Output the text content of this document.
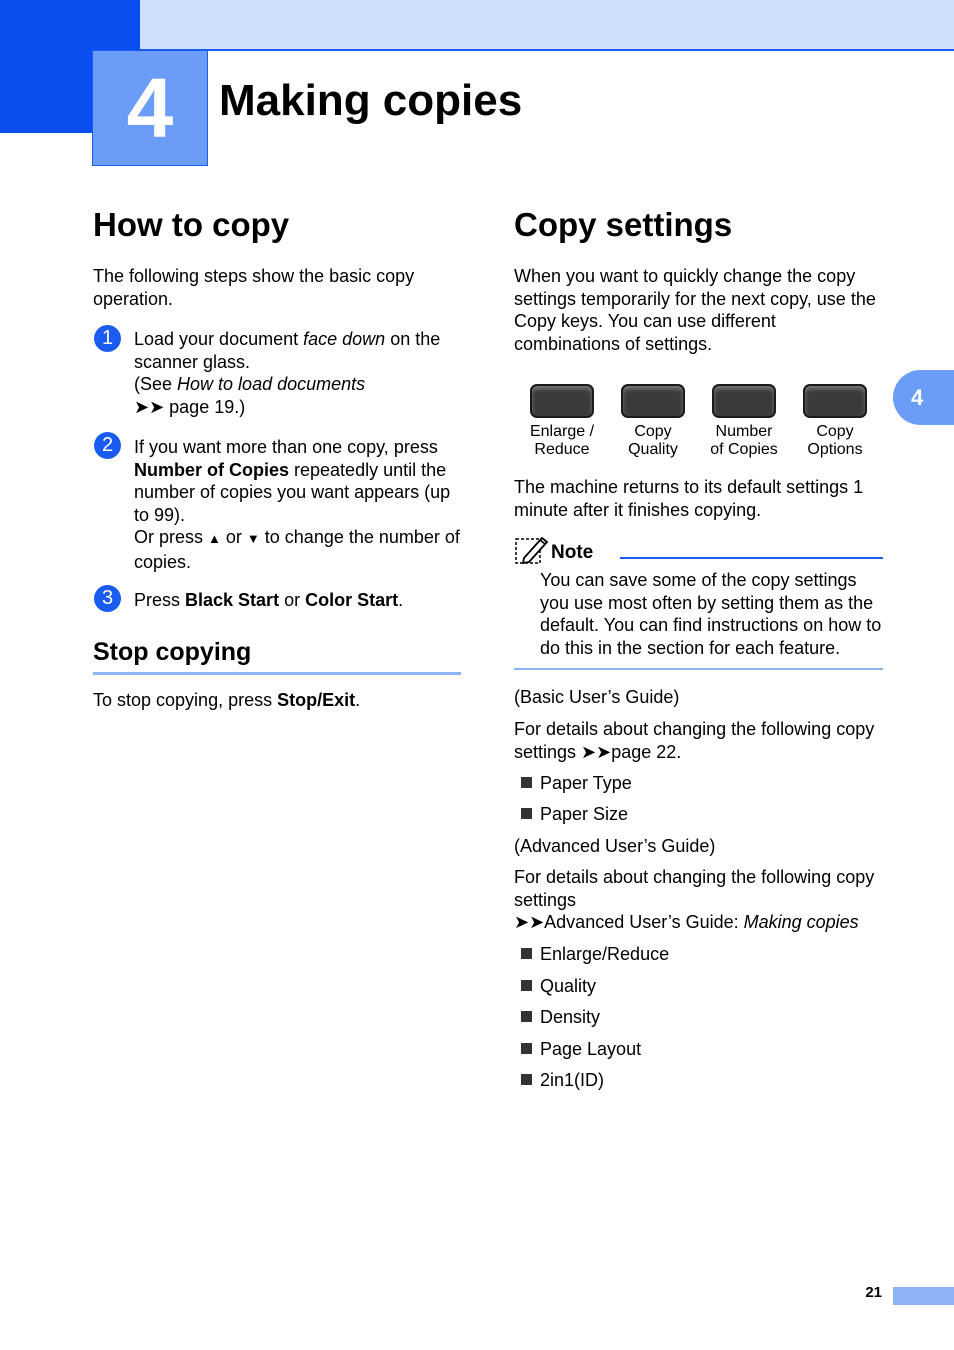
4	Making copies
4
How to copy

The following steps show the basic copy operation.

1	Load your document face down on the scanner glass.
(See How to load documents
➤➤ page 19.)
2	If you want more than one copy, press Number of Copies repeatedly until the number of copies you want appears (up to 99).
Or press ▲ or ▼ to change the number of copies.
3	Press Black Start or Color Start.
Stop copying

To stop copying, press Stop/Exit.

Copy settings

When you want to quickly change the copy settings temporarily for the next copy, use the Copy keys. You can use different combinations of settings.

Enlarge /
Reduce
Copy
Quality
Number
of Copies
Copy
Options

The machine returns to its default settings 1 minute after it finishes copying.

Note

You can save some of the copy settings you use most often by setting them as the default. You can find instructions on how to do this in the section for each feature.

(Basic User’s Guide)

For details about changing the following copy settings ➤➤page 22.

Paper Type

Paper Size

(Advanced User’s Guide)

For details about changing the following copy settings
➤➤Advanced User’s Guide: Making copies

Enlarge/Reduce

Quality

Density

Page Layout

2in1(ID)

21
